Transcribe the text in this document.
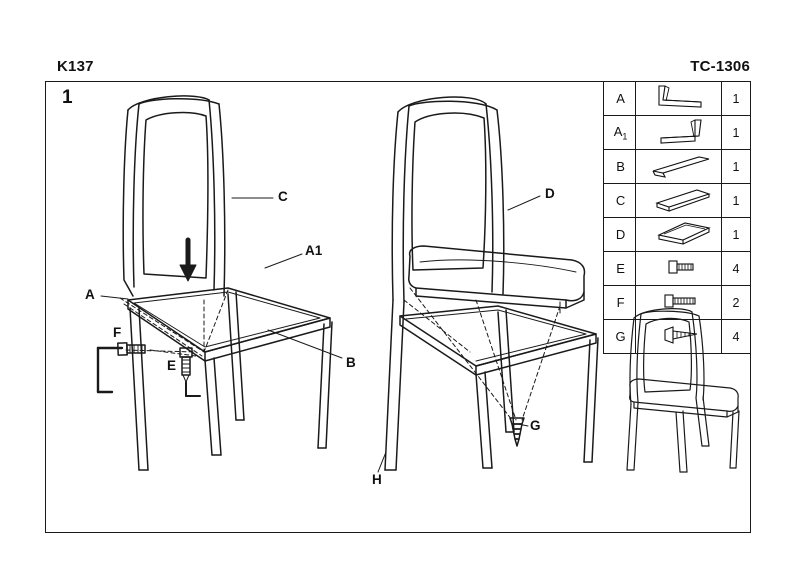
K137	TC-1306
1	A		1
$A_1$		1
B		1
C		1
D		1
E		4
F		2
G		4
C
A1
A
F
E	B
D
G
H
